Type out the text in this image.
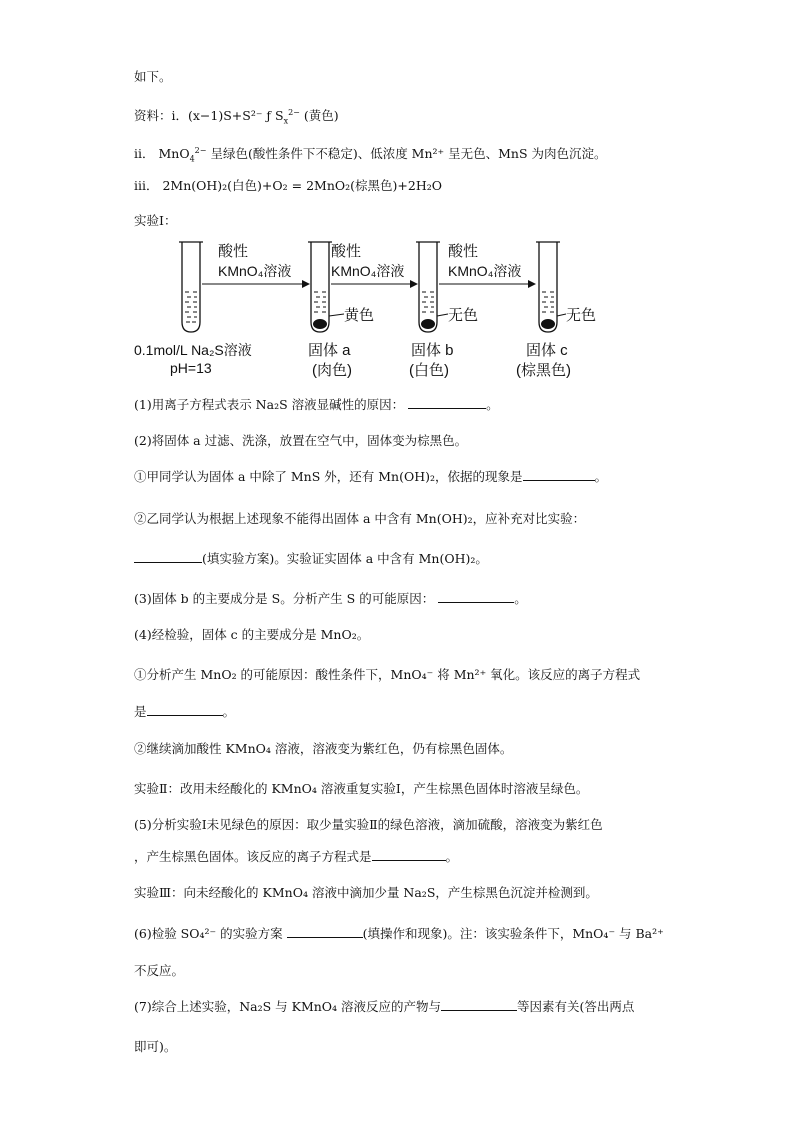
如下。
资料：i．(x−1)S+S²⁻ ƒ $S_x^{2-}$ (黄色)
ii． MnO$_4^{2-}$ 呈绿色(酸性条件下不稳定)、低浓度 Mn²⁺ 呈无色、MnS 为肉色沉淀。
iii． 2Mn(OH)₂(白色)+O₂ = 2MnO₂(棕黑色)+2H₂O
实验Ⅰ：
酸性
KMnO₄溶液
黄色
酸性
KMnO₄溶液
无色
酸性
KMnO₄溶液
无色
0.1mol/L Na₂S溶液
pH=13
固体 a
(肉色)
固体 b
(白色)
固体 c
(棕黑色)
(1)用离子方程式表示 Na₂S 溶液显碱性的原因：	。
(2)将固体 a 过滤、洗涤，放置在空气中，固体变为棕黑色。
①甲同学认为固体 a 中除了 MnS 外，还有 Mn(OH)₂，依据的现象是	。
②乙同学认为根据上述现象不能得出固体 a 中含有 Mn(OH)₂，应补充对比实验：
(填实验方案)。实验证实固体 a 中含有 Mn(OH)₂。
(3)固体 b 的主要成分是 S。分析产生 S 的可能原因：	。
(4)经检验，固体 c 的主要成分是 MnO₂。
①分析产生 MnO₂ 的可能原因：酸性条件下，MnO₄⁻ 将 Mn²⁺ 氧化。该反应的离子方程式
是	。
②继续滴加酸性 KMnO₄ 溶液，溶液变为紫红色，仍有棕黑色固体。
实验Ⅱ：改用未经酸化的 KMnO₄ 溶液重复实验Ⅰ，产生棕黑色固体时溶液呈绿色。
(5)分析实验Ⅰ未见绿色的原因：取少量实验Ⅱ的绿色溶液，滴加硫酸，溶液变为紫红色
，产生棕黑色固体。该反应的离子方程式是	。
实验Ⅲ：向未经酸化的 KMnO₄ 溶液中滴加少量 Na₂S，产生棕黑色沉淀并检测到。
(6)检验 SO₄²⁻ 的实验方案	(填操作和现象)。注：该实验条件下，MnO₄⁻ 与 Ba²⁺
不反应。
(7)综合上述实验，Na₂S 与 KMnO₄ 溶液反应的产物与	等因素有关(答出两点
即可)。
